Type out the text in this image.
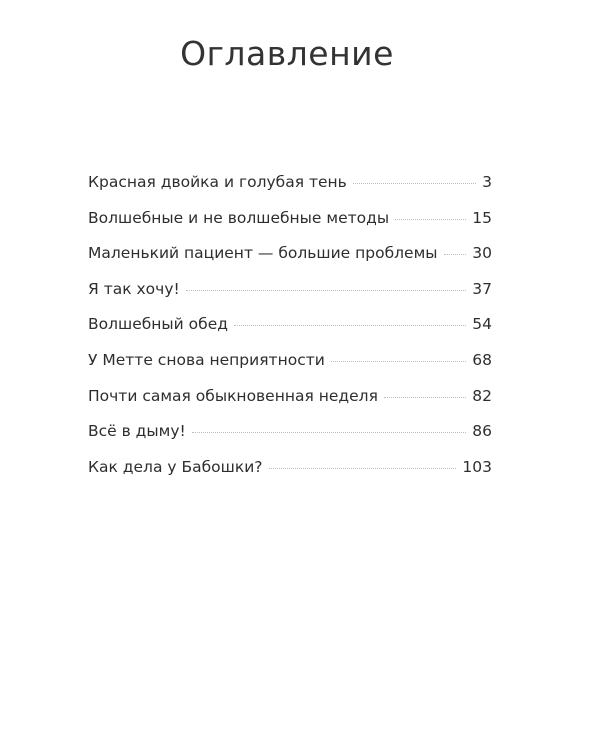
Оглавление
Красная двойка и голубая тень	3
Волшебные и не волшебные методы	15
Маленький пациент — большие проблемы 30
Я так хочу!	37
Волшебный обед	54
У Метте снова неприятности	68
Почти самая обыкновенная неделя	82
Всё в дыму!	86
Как дела у Бабошки?	103
